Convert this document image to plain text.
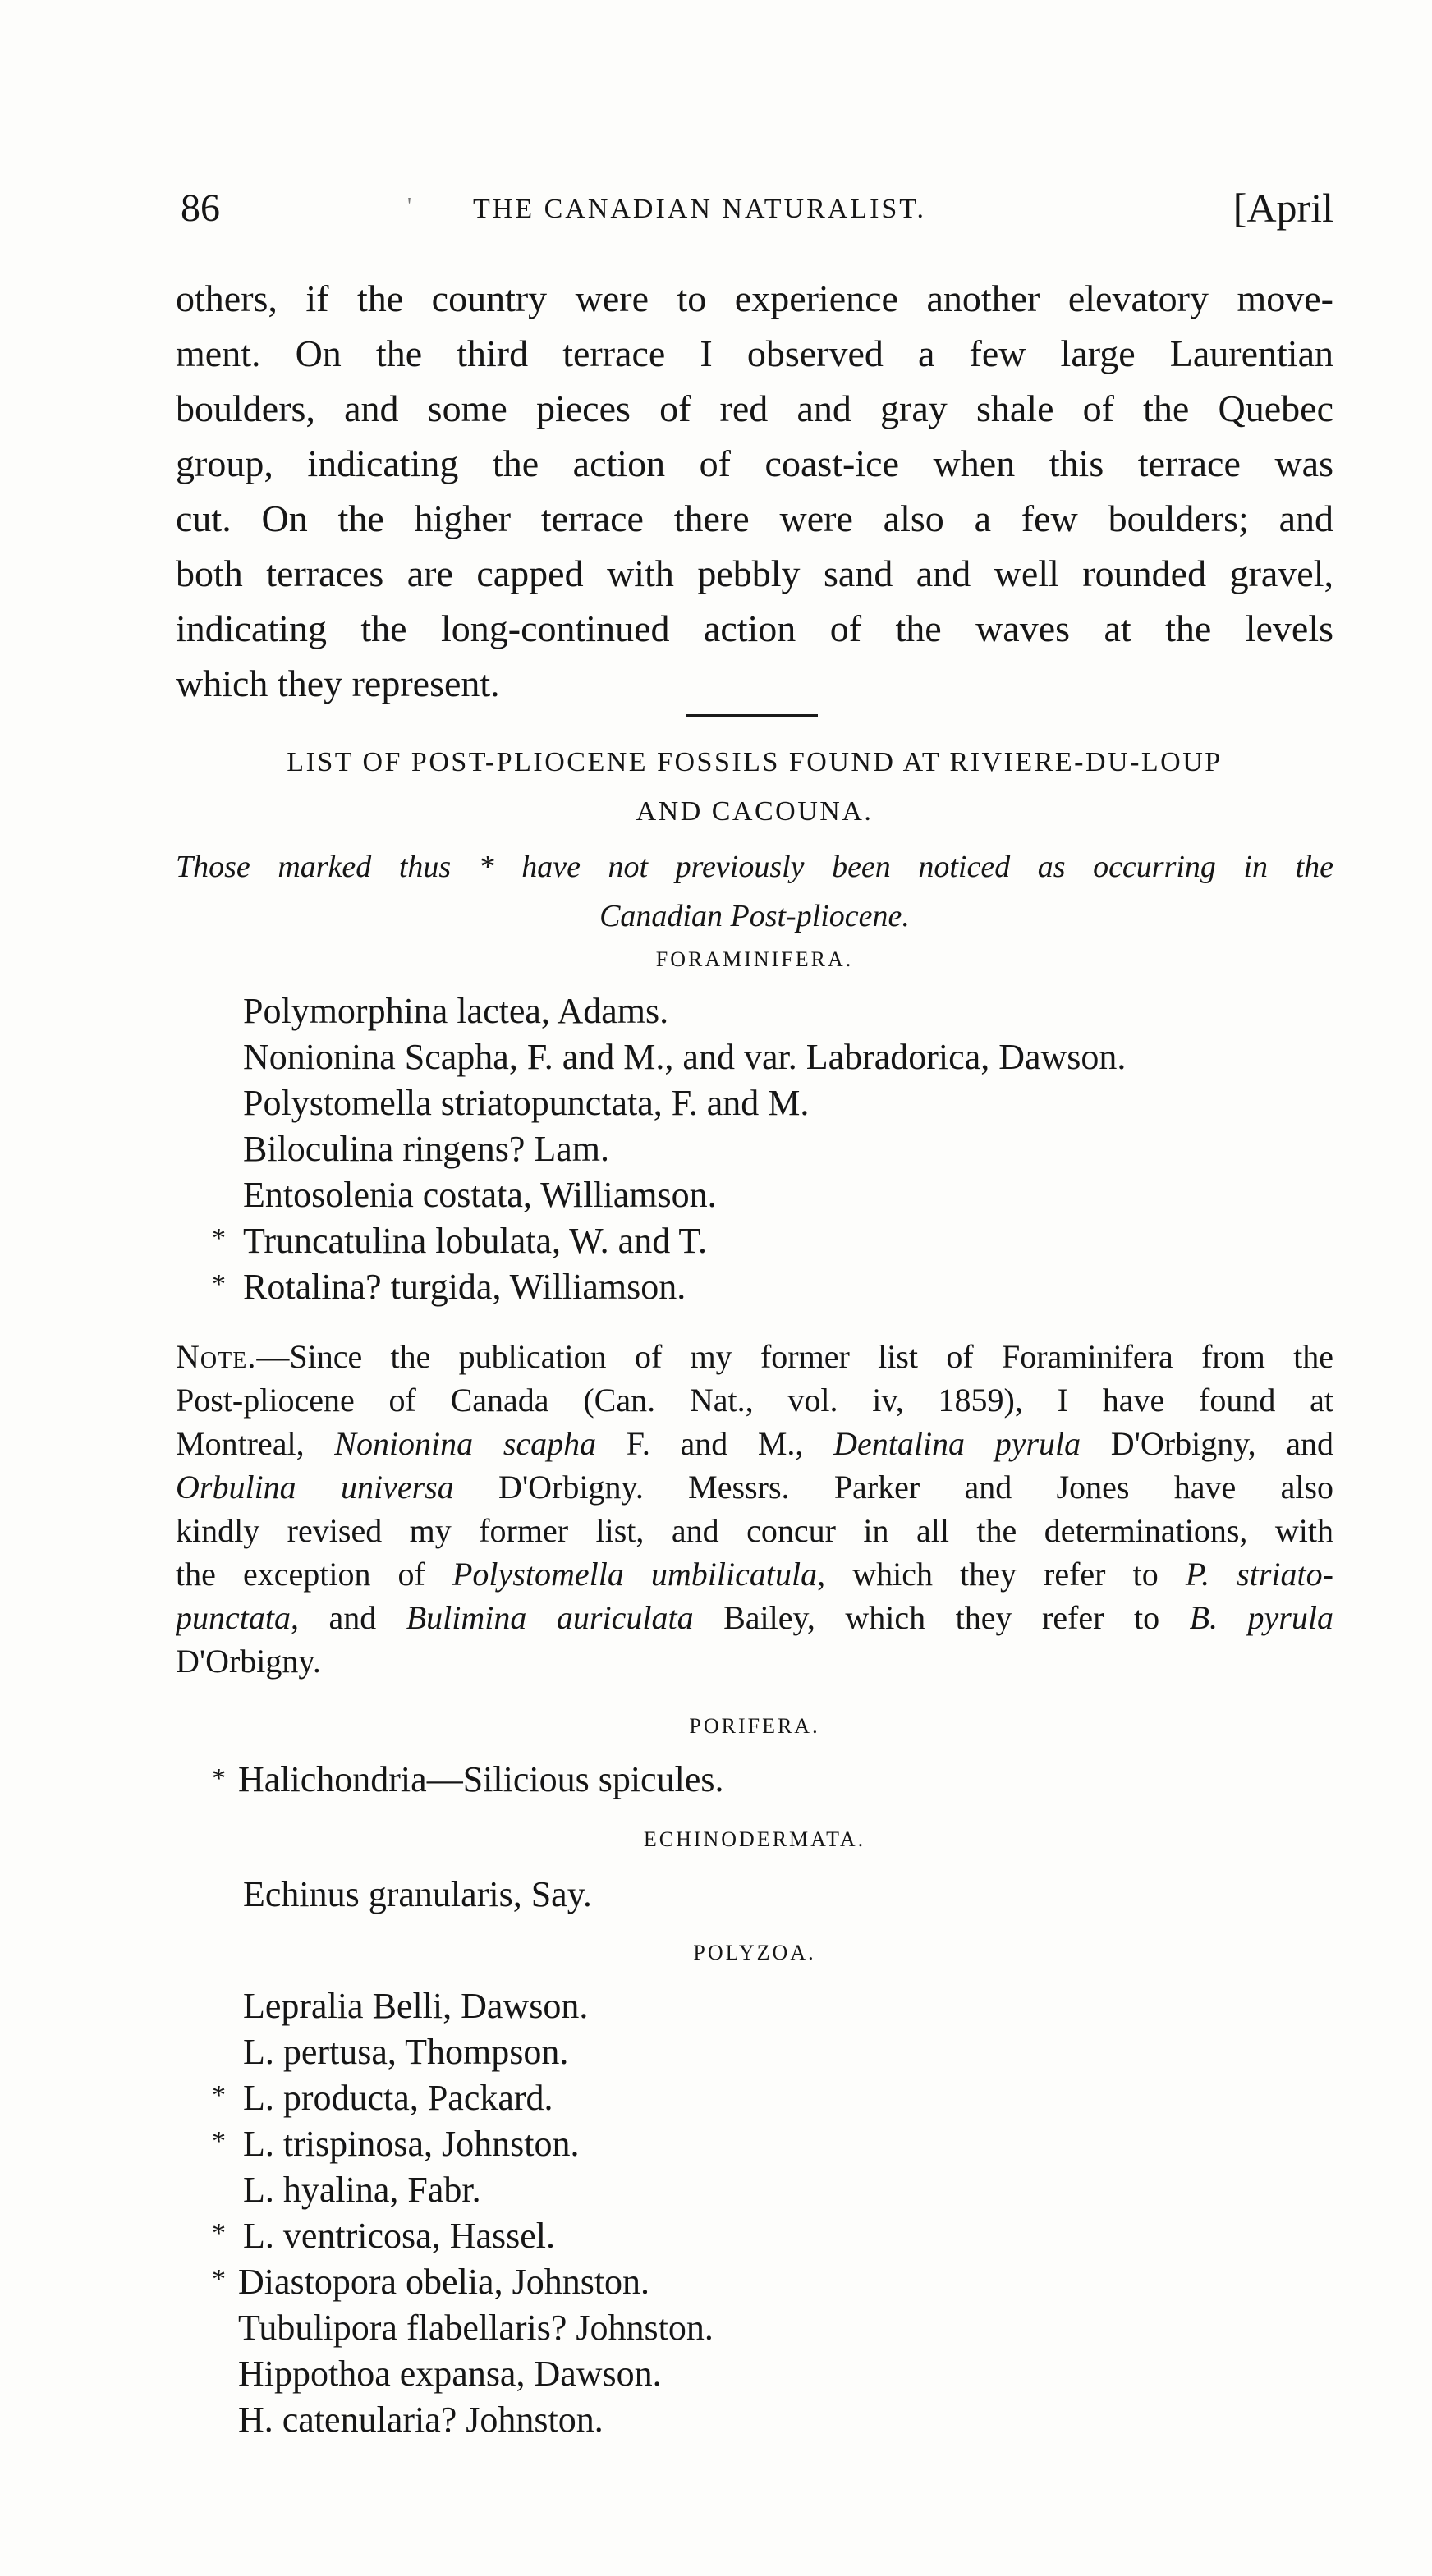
86	' THE CANADIAN NATURALIST.	[April
others, if the country were to experience another elevatory move-
ment. On the third terrace I observed a few large Laurentian
boulders, and some pieces of red and gray shale of the Quebec
group, indicating the action of coast-ice when this terrace was
cut. On the higher terrace there were also a few boulders; and
both terraces are capped with pebbly sand and well rounded gravel,
indicating the long-continued action of the waves at the levels
which they represent.
LIST OF POST-PLIOCENE FOSSILS FOUND AT RIVIERE-DU-LOUP
AND CACOUNA.
Those marked thus * have not previously been noticed as occurring in the
Canadian Post-pliocene.
FORAMINIFERA.
Polymorphina lactea, Adams.
Nonionina Scapha, F. and M., and var. Labradorica, Dawson.
Polystomella striatopunctata, F. and M.
Biloculina ringens? Lam.
Entosolenia costata, Williamson.
* Truncatulina lobulata, W. and T.
* Rotalina? turgida, Williamson.
Note.—Since the publication of my former list of Foraminifera from the
Post-pliocene of Canada (Can. Nat., vol. iv, 1859), I have found at
Montreal, Nonionina scapha F. and M., Dentalina pyrula D'Orbigny, and
Orbulina universa D'Orbigny. Messrs. Parker and Jones have also
kindly revised my former list, and concur in all the determinations, with
the exception of Polystomella umbilicatula, which they refer to P. striato-
punctata, and Bulimina auriculata Bailey, which they refer to B. pyrula
D'Orbigny.
PORIFERA.
* Halichondria—Silicious spicules.
ECHINODERMATA.
Echinus granularis, Say.
POLYZOA.
Lepralia Belli, Dawson.
L. pertusa, Thompson.
* L. producta, Packard.
* L. trispinosa, Johnston.
L. hyalina, Fabr.
* L. ventricosa, Hassel.
* Diastopora obelia, Johnston.
Tubulipora flabellaris? Johnston.
Hippothoa expansa, Dawson.
H. catenularia? Johnston.
